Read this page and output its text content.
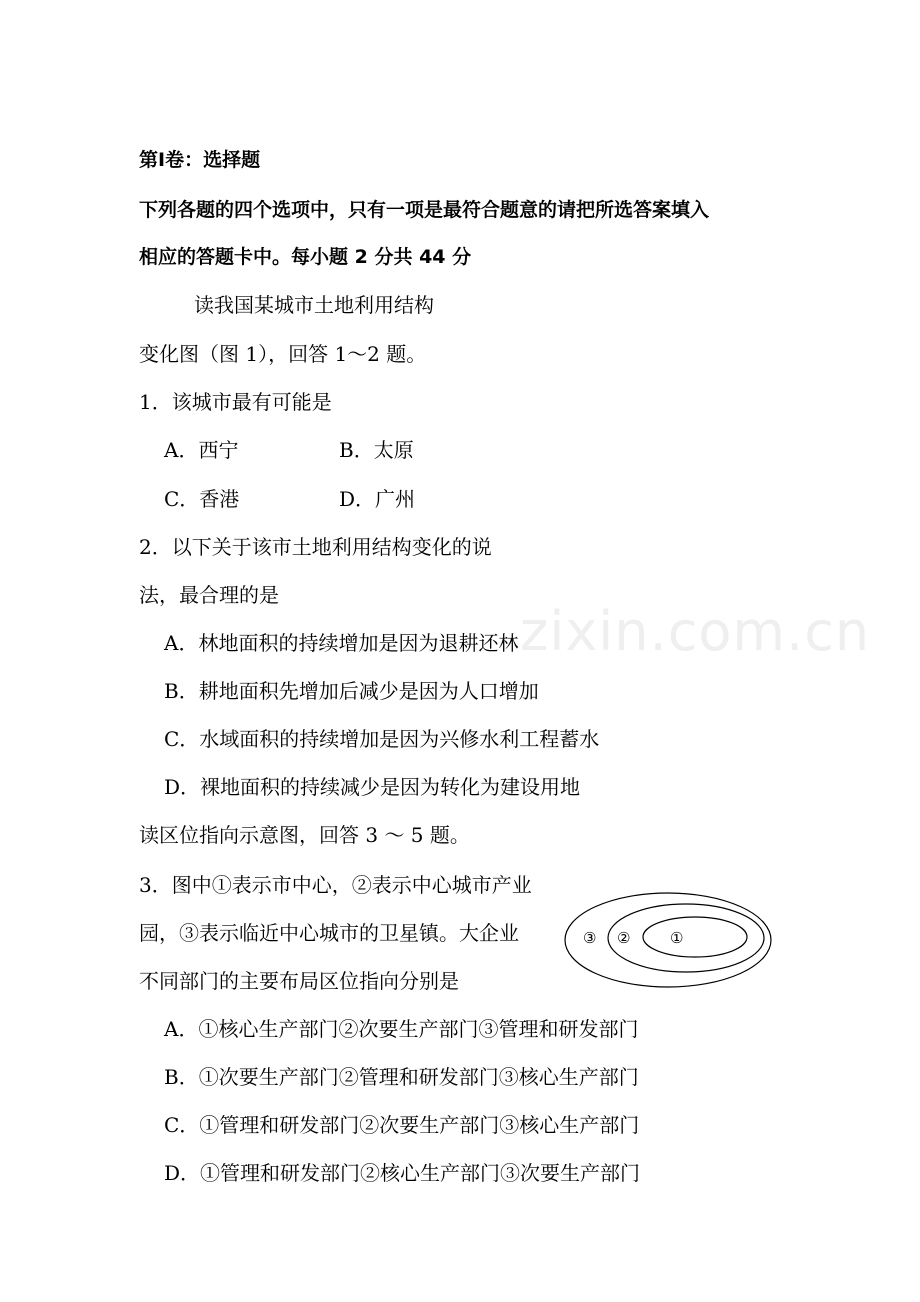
zixin.com.cn
第Ⅰ卷：选择题
下列各题的四个选项中，只有一项是最符合题意的请把所选答案填入
相应的答题卡中。每小题 2 分共 44 分
读我国某城市土地利用结构
变化图（图 1），回答 1～2 题。
1．该城市最有可能是
A．西宁	B．太原
C．香港	D．广州
2．以下关于该市土地利用结构变化的说
法，最合理的是
A．林地面积的持续增加是因为退耕还林
B．耕地面积先增加后减少是因为人口增加
C．水域面积的持续增加是因为兴修水利工程蓄水
D．裸地面积的持续减少是因为转化为建设用地
读区位指向示意图，回答 3 ～ 5 题。
3．图中①表示市中心，②表示中心城市产业
园，③表示临近中心城市的卫星镇。大企业
不同部门的主要布局区位指向分别是
③ ②	①
A．①核心生产部门②次要生产部门③管理和研发部门
B．①次要生产部门②管理和研发部门③核心生产部门
C．①管理和研发部门②次要生产部门③核心生产部门
D．①管理和研发部门②核心生产部门③次要生产部门
